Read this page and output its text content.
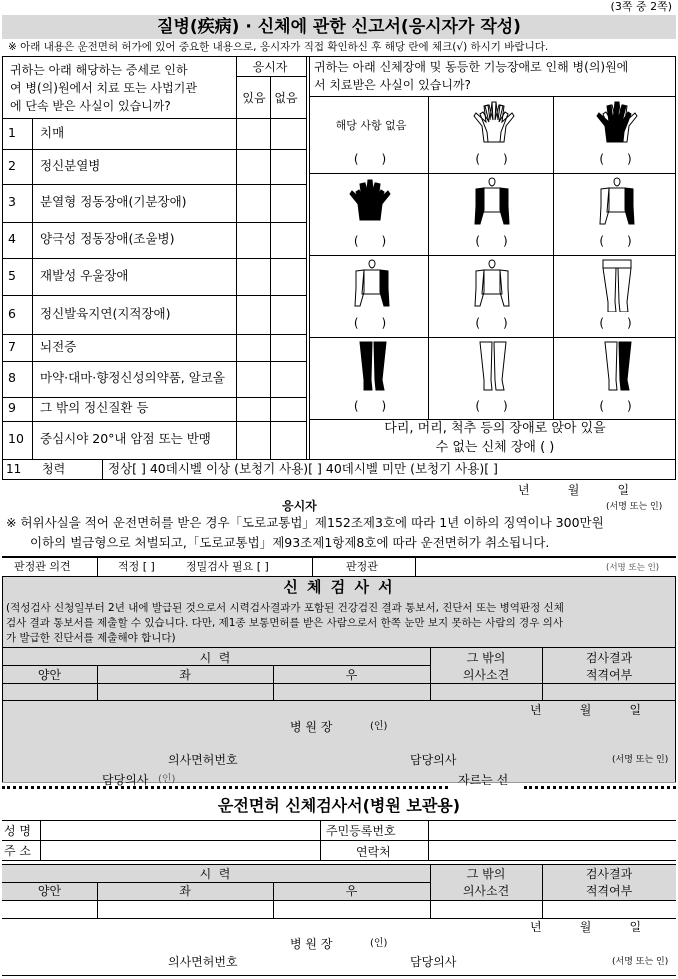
(3쪽 중 2쪽)
질병(疾病) · 신체에 관한 신고서(응시자가 작성)
※ 아래 내용은 운전면허 허가에 있어 중요한 내용으로, 응시자가 직접 확인하신 후 해당 란에 체크(√) 하시기 바랍니다.
귀하는 아래 해당하는 증세로 인하
여 병(의)원에서 치료 또는 사법기관
에 단속 받은 사실이 있습니까?
응시자
있음 없음
1 치매
2 정신분열병
3 분열형 정동장애(기분장애)
4 양극성 정동장애(조울병)
5 재발성 우울장애
6 정신발육지연(지적장애)
7 뇌전증
8 마약·대마·향정신성의약품, 알코올
9 그 밖의 정신질환 등
10 중심시야 20°내 암점 또는 반맹
귀하는 아래 신체장애 및 동등한 기능장애로 인해 병(의)원에
서 치료받은 사실이 있습니까?
해당 사항 없음
(      )	(      )	(      )
(      )	(      )	(      )
(      )	(      )	(      )
(      )	(      )	(      )
다리, 머리, 척추 등의 장애로 앉아 있을
수 없는 신체 장애 ( )
11 청력	정상[ ] 40데시벨 이상 (보청기 사용)[ ] 40데시벨 미만 (보청기 사용)[ ]
년          월          일
응시자	(서명 또는 인)
※ 허위사실을 적어 운전면허를 받은 경우「도로교통법」제152조제3호에 따라 1년 이하의 징역이나 300만원
이하의 벌금형으로 처벌되고,「도로교통법」제93조제1항제8호에 따라 운전면허가 취소됩니다.
판정관 의견	적정 [ ]	정밀검사 필요 [ ]	판정관	(서명 또는 인)
신 체 검 사 서
(적성검사 신청일부터 2년 내에 발급된 것으로서 시력검사결과가 포함된 건강검진 결과 통보서, 진단서 또는 병역판정 신체
검사 결과 통보서를 제출할 수 있습니다. 다만, 제1종 보통면허를 받은 사람으로서 한쪽 눈만 보지 못하는 사람의 경우 의사
가 발급한 진단서를 제출해야 합니다)
시  력
양안	좌	우
그 밖의
의사소견
검사결과
적격여부
년          월          일
병 원 장	(인)
의사면허번호	담당의사	(서명 또는 인)
담당의사 (인)	자르는 선
운전면허 신체검사서(병원 보관용)
성 명	주민등록번호
주 소	연락처
시  력
양안	좌	우
그 밖의
의사소견
검사결과
적격여부
년          월          일
병 원 장	(인)
의사면허번호	담당의사	(서명 또는 인)
